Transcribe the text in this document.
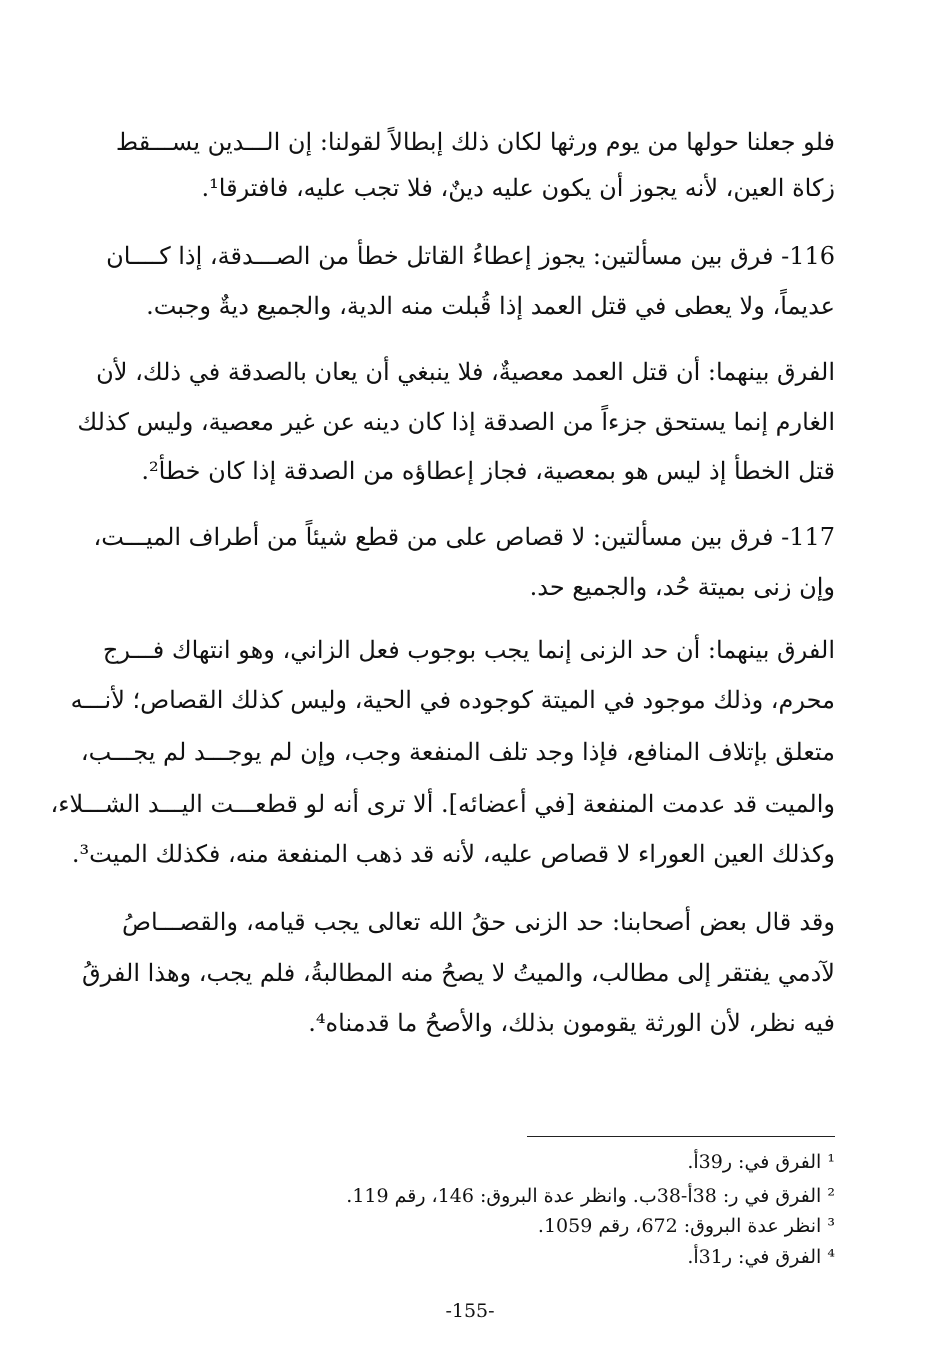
فلو جعلنا حولها من يوم ورثها لكان ذلك إبطالاً لقولنا: إن الـــدين يســـقط

زكاة العين، لأنه يجوز أن يكون عليه دينٌ، فلا تجب عليه، فافترقا¹.

116- فرق بين مسألتين: يجوز إعطاءُ القاتل خطأ من الصـــدقة، إذا كــــان

عديماً، ولا يعطى في قتل العمد إذا قُبلت منه الدية، والجميع ديةٌ وجبت.

الفرق بينهما: أن قتل العمد معصيةٌ، فلا ينبغي أن يعان بالصدقة في ذلك، لأن

الغارم إنما يستحق جزءاً من الصدقة إذا كان دينه عن غير معصية، وليس كذلك

قتل الخطأ إذ ليس هو بمعصية، فجاز إعطاؤه من الصدقة إذا كان خطأ².

117- فرق بين مسألتين: لا قصاص على من قطع شيئاً من أطراف الميـــت،

وإن زنى بميتة حُد، والجميع حد.

الفرق بينهما: أن حد الزنى إنما يجب بوجوب فعل الزاني، وهو انتهاك فـــرج

محرم، وذلك موجود في الميتة كوجوده في الحية، وليس كذلك القصاص؛ لأنـــه

متعلق بإتلاف المنافع، فإذا وجد تلف المنفعة وجب، وإن لم يوجـــد لم يجـــب،

والميت قد عدمت المنفعة [في أعضائه]. ألا ترى أنه لو قطعـــت اليـــد الشـــلاء،

وكذلك العين العوراء لا قصاص عليه، لأنه قد ذهب المنفعة منه، فكذلك الميت³.

وقد قال بعض أصحابنا: حد الزنى حقُ الله تعالى يجب قيامه، والقصـــاصُ

لآدمي يفتقر إلى مطالب، والميتُ لا يصحُ منه المطالبةُ، فلم يجب، وهذا الفرقُ

فيه نظر، لأن الورثة يقومون بذلك، والأصحُ ما قدمناه⁴.

¹ الفرق في: ر39أ.

² الفرق في ر: 38أ-38ب. وانظر عدة البروق: 146، رقم 119.

³ انظر عدة البروق: 672، رقم 1059.

⁴ الفرق في: ر31أ.

-155-
